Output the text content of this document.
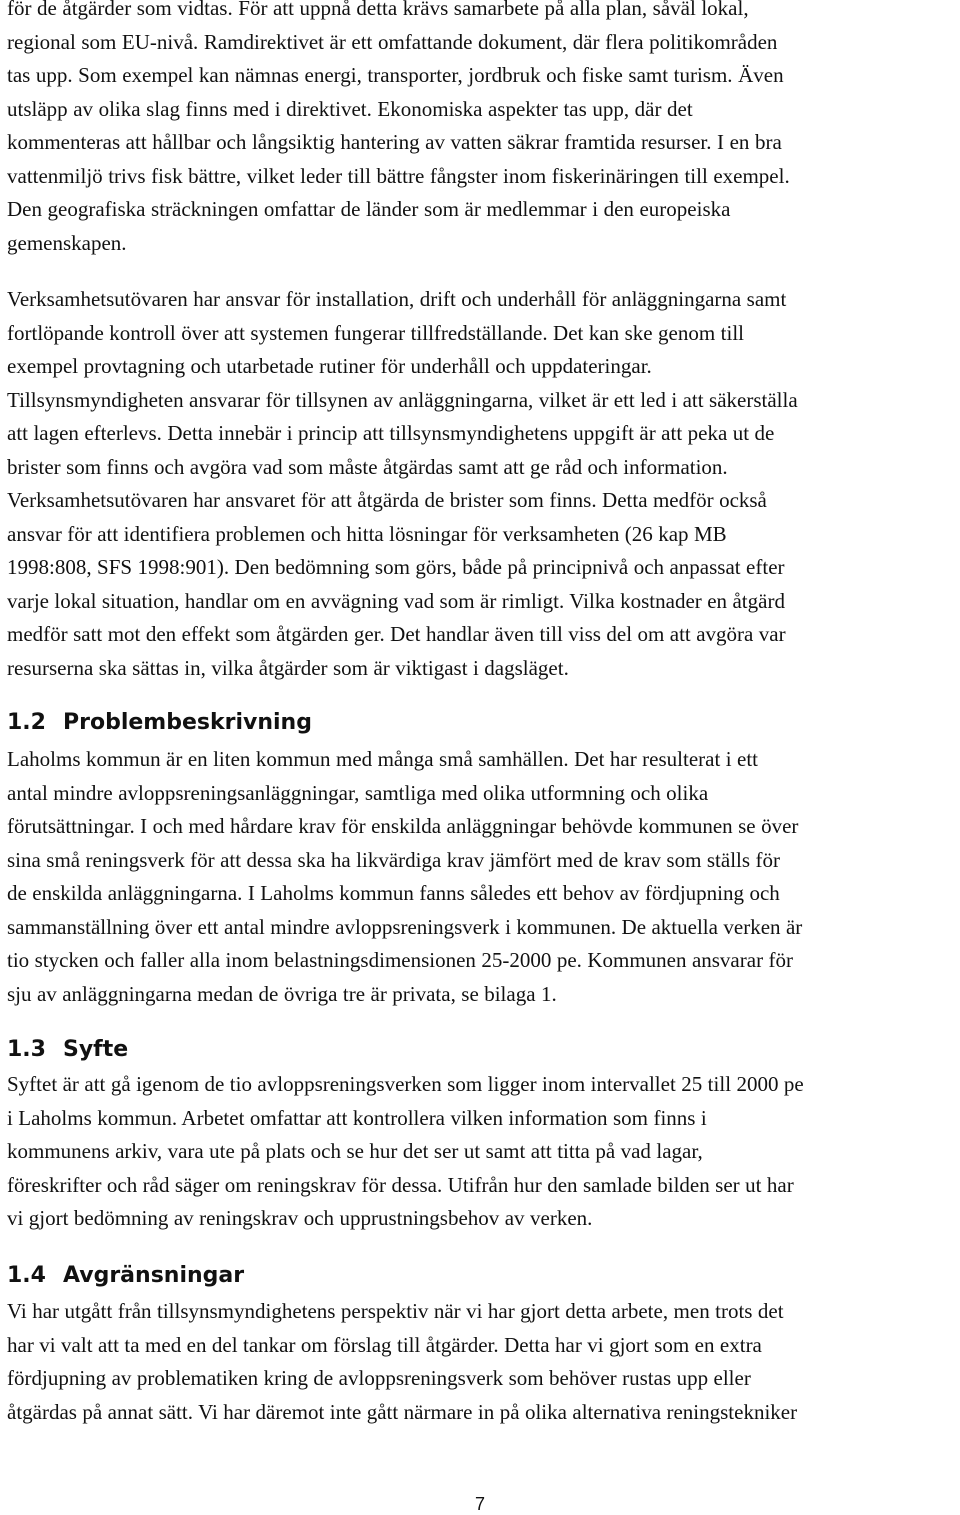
för de åtgärder som vidtas. För att uppnå detta krävs samarbete på alla plan, såväl lokal,
regional som EU-nivå. Ramdirektivet är ett omfattande dokument, där flera politikområden
tas upp. Som exempel kan nämnas energi, transporter, jordbruk och fiske samt turism. Även
utsläpp av olika slag finns med i direktivet. Ekonomiska aspekter tas upp, där det
kommenteras att hållbar och långsiktig hantering av vatten säkrar framtida resurser. I en bra
vattenmiljö trivs fisk bättre, vilket leder till bättre fångster inom fiskerinäringen till exempel.
Den geografiska sträckningen omfattar de länder som är medlemmar i den europeiska
gemenskapen.

Verksamhetsutövaren har ansvar för installation, drift och underhåll för anläggningarna samt
fortlöpande kontroll över att systemen fungerar tillfredställande. Det kan ske genom till
exempel provtagning och utarbetade rutiner för underhåll och uppdateringar.
Tillsynsmyndigheten ansvarar för tillsynen av anläggningarna, vilket är ett led i att säkerställa
att lagen efterlevs. Detta innebär i princip att tillsynsmyndighetens uppgift är att peka ut de
brister som finns och avgöra vad som måste åtgärdas samt att ge råd och information.
Verksamhetsutövaren har ansvaret för att åtgärda de brister som finns. Detta medför också
ansvar för att identifiera problemen och hitta lösningar för verksamheten (26 kap MB
1998:808, SFS 1998:901). Den bedömning som görs, både på principnivå och anpassat efter
varje lokal situation, handlar om en avvägning vad som är rimligt. Vilka kostnader en åtgärd
medför satt mot den effekt som åtgärden ger. Det handlar även till viss del om att avgöra var
resurserna ska sättas in, vilka åtgärder som är viktigast i dagsläget.

1.2 Problembeskrivning

Laholms kommun är en liten kommun med många små samhällen. Det har resulterat i ett
antal mindre avloppsreningsanläggningar, samtliga med olika utformning och olika
förutsättningar. I och med hårdare krav för enskilda anläggningar behövde kommunen se över
sina små reningsverk för att dessa ska ha likvärdiga krav jämfört med de krav som ställs för
de enskilda anläggningarna. I Laholms kommun fanns således ett behov av fördjupning och
sammanställning över ett antal mindre avloppsreningsverk i kommunen. De aktuella verken är
tio stycken och faller alla inom belastningsdimensionen 25-2000 pe. Kommunen ansvarar för
sju av anläggningarna medan de övriga tre är privata, se bilaga 1.

1.3 Syfte

Syftet är att gå igenom de tio avloppsreningsverken som ligger inom intervallet 25 till 2000 pe
i Laholms kommun. Arbetet omfattar att kontrollera vilken information som finns i
kommunens arkiv, vara ute på plats och se hur det ser ut samt att titta på vad lagar,
föreskrifter och råd säger om reningskrav för dessa. Utifrån hur den samlade bilden ser ut har
vi gjort bedömning av reningskrav och upprustningsbehov av verken.

1.4 Avgränsningar

Vi har utgått från tillsynsmyndighetens perspektiv när vi har gjort detta arbete, men trots det
har vi valt att ta med en del tankar om förslag till åtgärder. Detta har vi gjort som en extra
fördjupning av problematiken kring de avloppsreningsverk som behöver rustas upp eller
åtgärdas på annat sätt. Vi har däremot inte gått närmare in på olika alternativa reningstekniker

7
